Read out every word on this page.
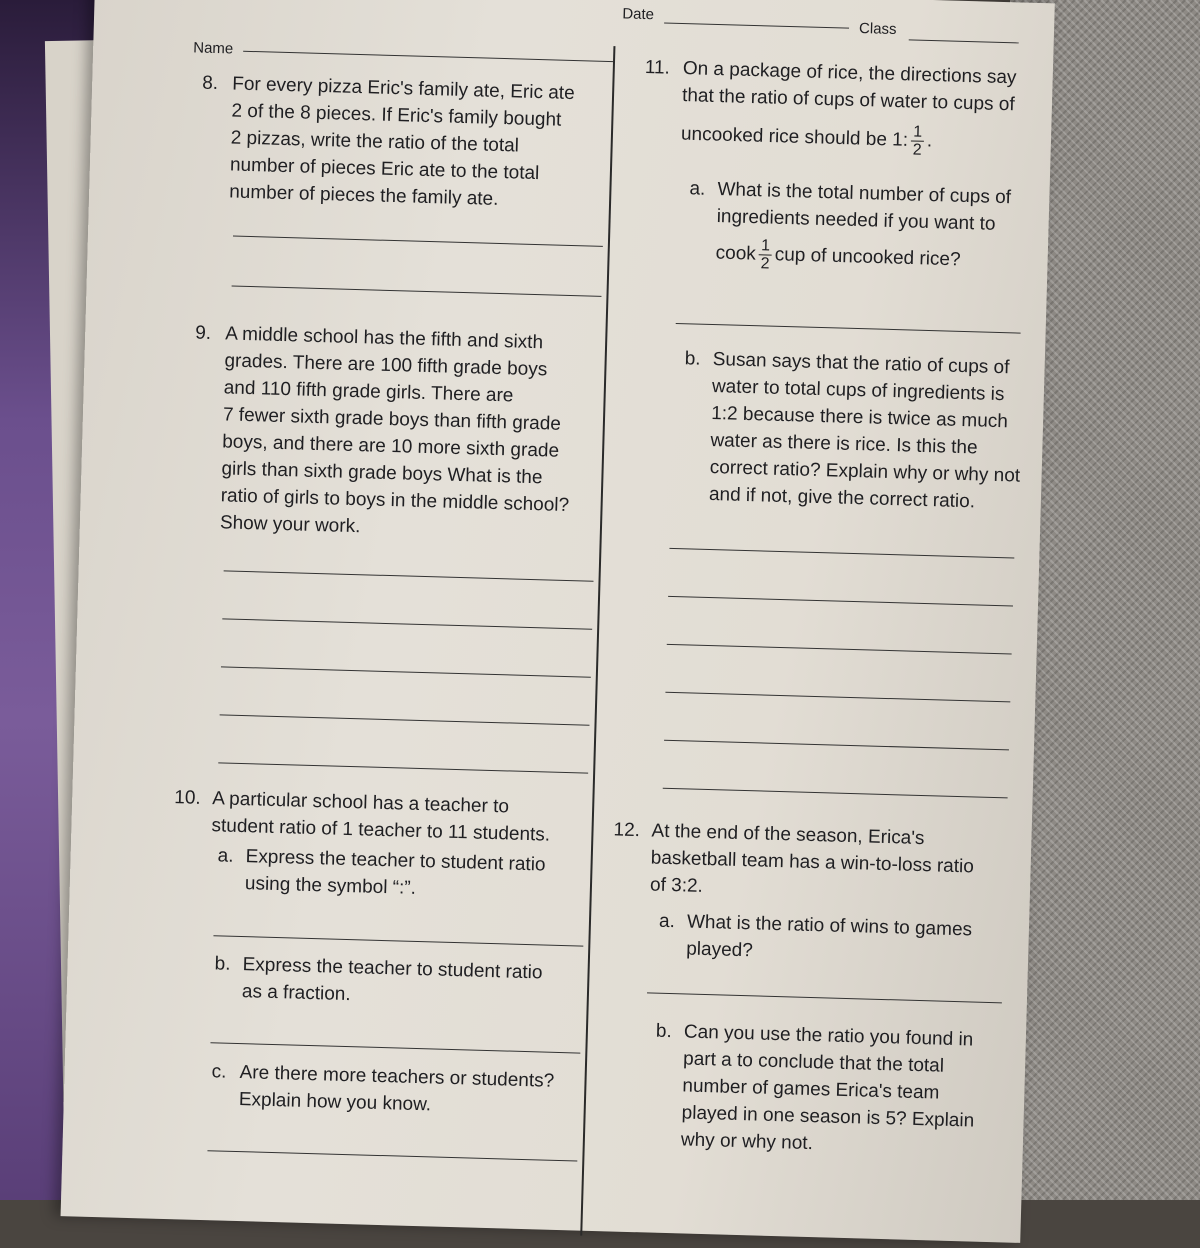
Name
Date
Class
8. For every pizza Eric's family ate, Eric ate
2 of the 8 pieces. If Eric's family bought
2 pizzas, write the ratio of the total
number of pieces Eric ate to the total
number of pieces the family ate.
9. A middle school has the fifth and sixth
grades. There are 100 fifth grade boys
and 110 fifth grade girls. There are
7 fewer sixth grade boys than fifth grade
boys, and there are 10 more sixth grade
girls than sixth grade boys What is the
ratio of girls to boys in the middle school?
Show your work.
10. A particular school has a teacher to
student ratio of 1 teacher to 11 students.
a. Express the teacher to student ratio
using the symbol “:”.
b. Express the teacher to student ratio
as a fraction.
c. Are there more teachers or students?
Explain how you know.
11. On a package of rice, the directions say
that the ratio of cups of water to cups of
uncooked rice should be 1: $\frac{1}{2}$ .
a. What is the total number of cups of
ingredients needed if you want to
cook $\frac{1}{2}$ cup of uncooked rice?
b. Susan says that the ratio of cups of
water to total cups of ingredients is
1:2 because there is twice as much
water as there is rice. Is this the
correct ratio? Explain why or why not
and if not, give the correct ratio.
12. At the end of the season, Erica's
basketball team has a win-to-loss ratio
of 3:2.
a. What is the ratio of wins to games
played?
b. Can you use the ratio you found in
part a to conclude that the total
number of games Erica's team
played in one season is 5? Explain
why or why not.
